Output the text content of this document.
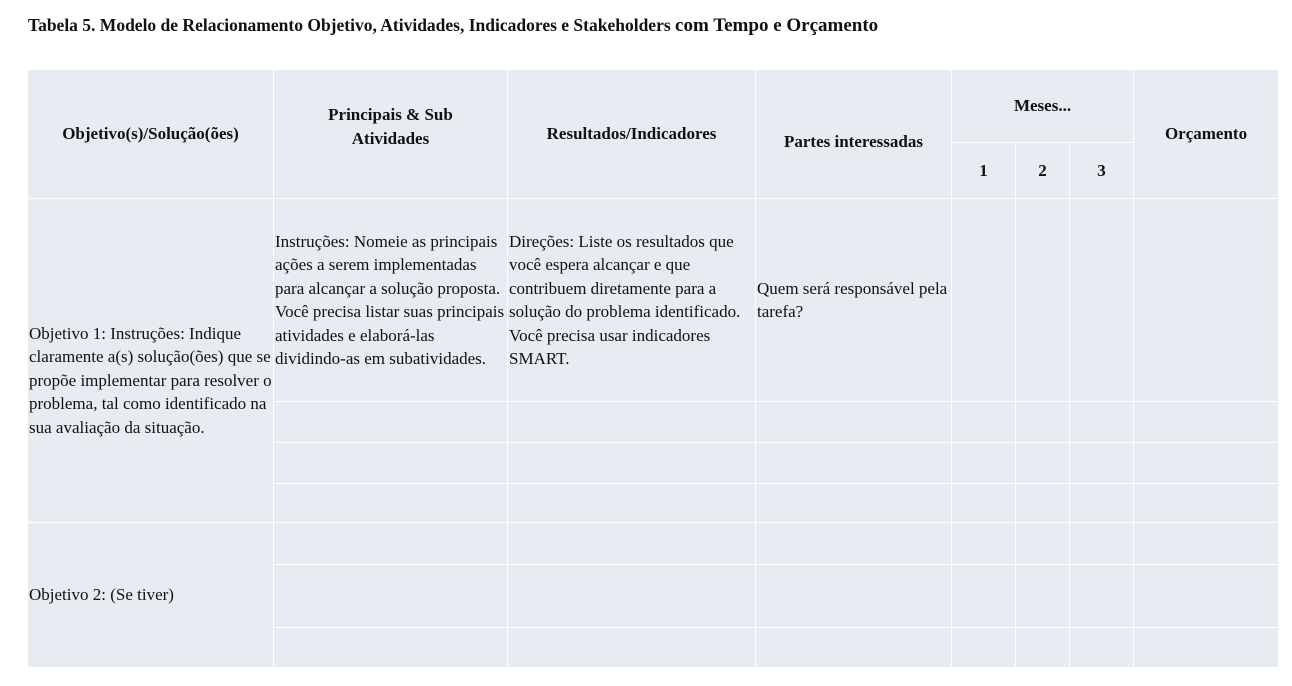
Tabela 5. Modelo de Relacionamento Objetivo, Atividades, Indicadores e Stakeholders com Tempo e Orçamento
Objetivo(s)/Solução(ões)	Principais & Sub Atividades	Resultados/Indicadores	Partes interessadas	Meses...			Orçamento
				1	2	3	
Objetivo 1: Instruções: Indique claramente a(s) solução(ões) que se propõe implementar para resolver o problema, tal como identificado na sua avaliação da situação.	Instruções: Nomeie as principais ações a serem implementadas para alcançar a solução proposta. Você precisa listar suas principais atividades e elaborá-las dividindo-as em subatividades.	Direções: Liste os resultados que você espera alcançar e que contribuem diretamente para a solução do problema identificado. Você precisa usar indicadores SMART.	Quem será responsável pela tarefa?				

Objetivo 2: (Se tiver)							
